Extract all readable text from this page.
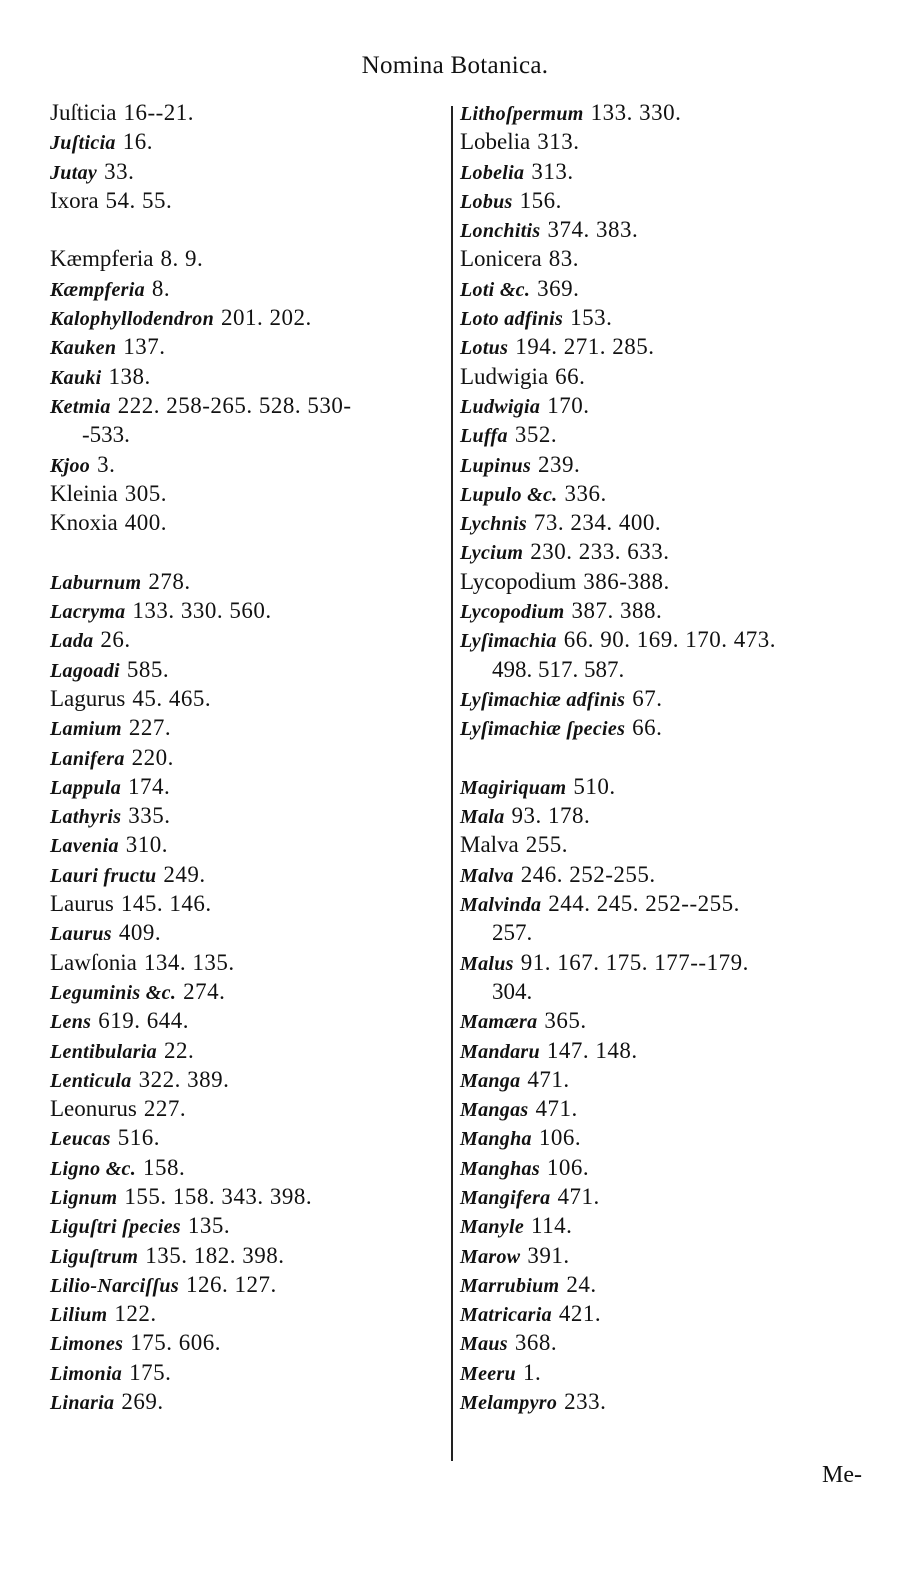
Nomina Botanica.
Juſticia 16--21.
Juſticia 16.
Jutay 33.
Ixora 54. 55.
Kæmpferia 8. 9.
Kæmpferia 8.
Kalophyllodendron 201. 202.
Kauken 137.
Kauki 138.
Ketmia 222. 258-265. 528. 530-
-533.
Kjoo 3.
Kleinia 305.
Knoxia 400.
Laburnum 278.
Lacryma 133. 330. 560.
Lada 26.
Lagoadi 585.
Lagurus 45. 465.
Lamium 227.
Lanifera 220.
Lappula 174.
Lathyris 335.
Lavenia 310.
Lauri fructu 249.
Laurus 145. 146.
Laurus 409.
Lawſonia 134. 135.
Leguminis &c. 274.
Lens 619. 644.
Lentibularia 22.
Lenticula 322. 389.
Leonurus 227.
Leucas 516.
Ligno &c. 158.
Lignum 155. 158. 343. 398.
Liguſtri ſpecies 135.
Liguſtrum 135. 182. 398.
Lilio-Narciſſus 126. 127.
Lilium 122.
Limones 175. 606.
Limonia 175.
Linaria 269.
Lithoſpermum 133. 330.
Lobelia 313.
Lobelia 313.
Lobus 156.
Lonchitis 374. 383.
Lonicera 83.
Loti &c. 369.
Loto adfinis 153.
Lotus 194. 271. 285.
Ludwigia 66.
Ludwigia 170.
Luffa 352.
Lupinus 239.
Lupulo &c. 336.
Lychnis 73. 234. 400.
Lycium 230. 233. 633.
Lycopodium 386-388.
Lycopodium 387. 388.
Lyſimachia 66. 90. 169. 170. 473.
498. 517. 587.
Lyſimachiæ adfinis 67.
Lyſimachiæ ſpecies 66.
Magiriquam 510.
Mala 93. 178.
Malva 255.
Malva 246. 252-255.
Malvinda 244. 245. 252--255.
257.
Malus 91. 167. 175. 177--179.
304.
Mamæra 365.
Mandaru 147. 148.
Manga 471.
Mangas 471.
Mangha 106.
Manghas 106.
Mangifera 471.
Manyle 114.
Marow 391.
Marrubium 24.
Matricaria 421.
Maus 368.
Meeru 1.
Melampyro 233.
Me-
